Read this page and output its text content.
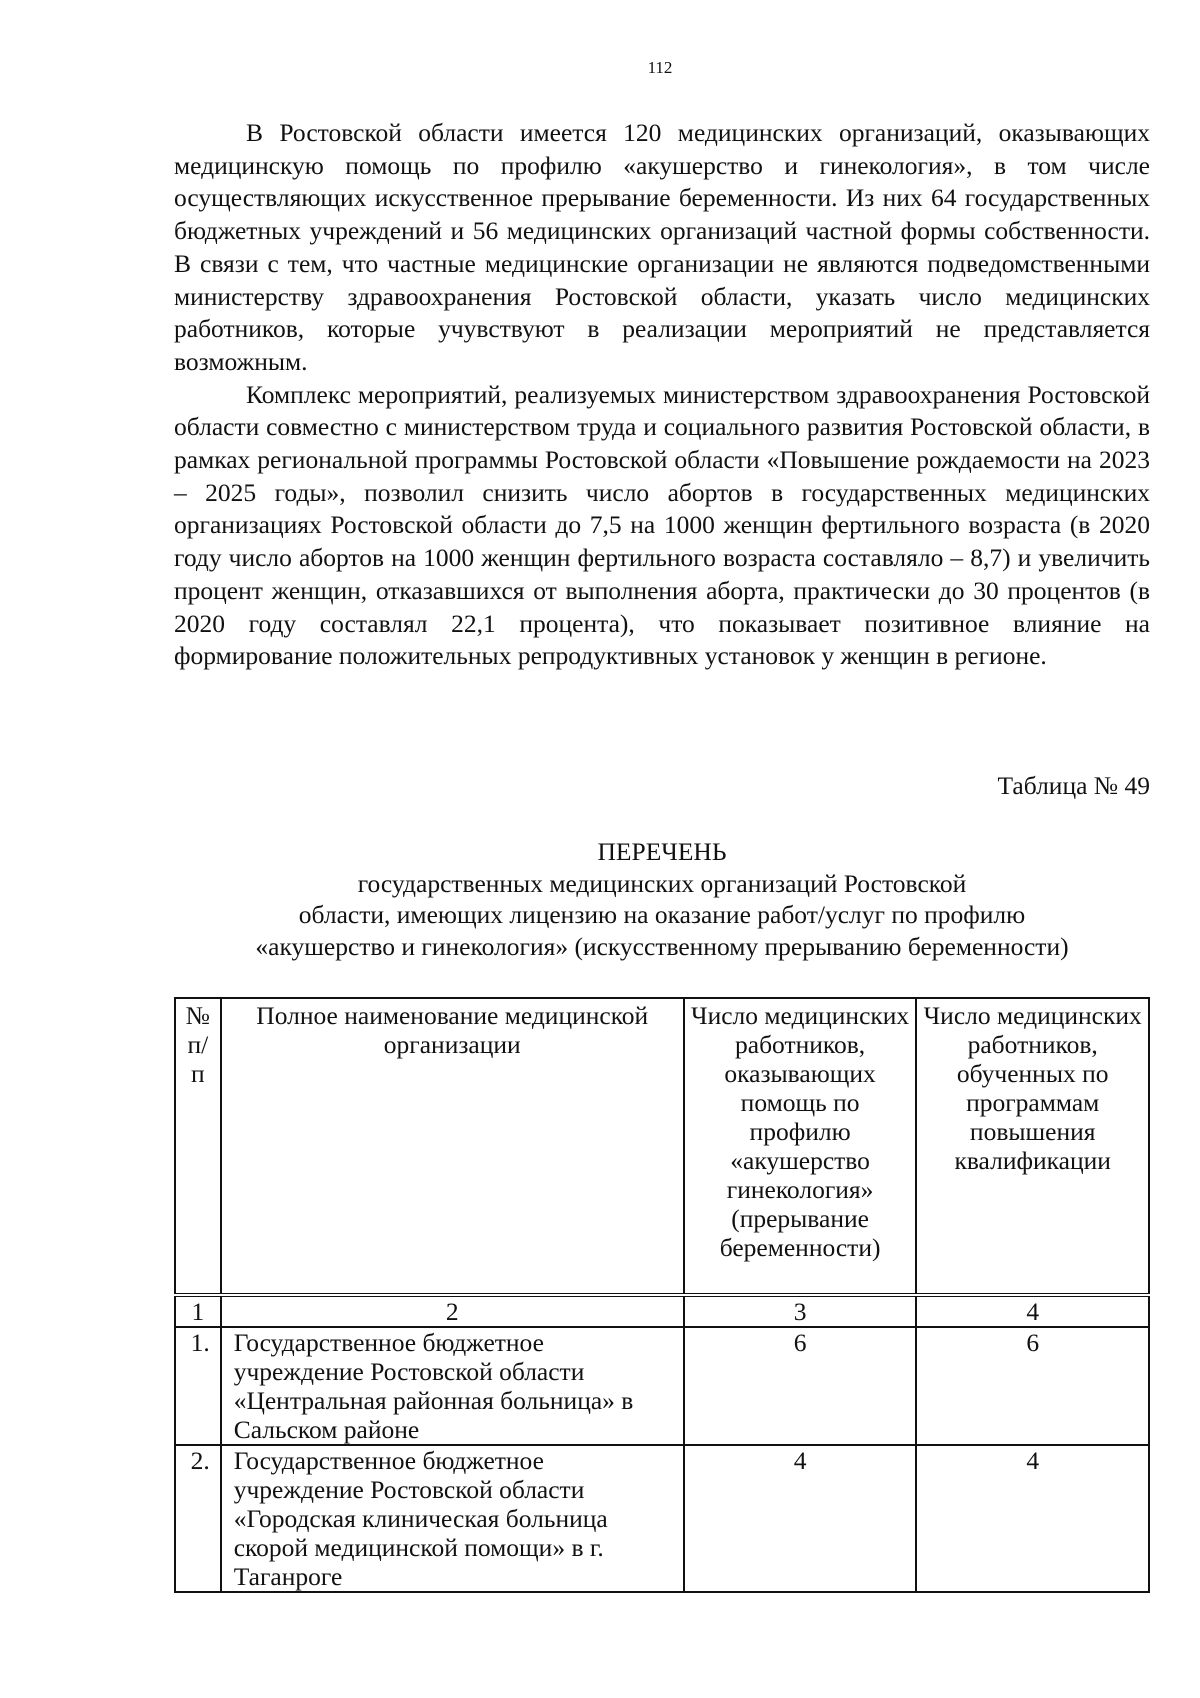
112

В Ростовской области имеется 120 медицинских организаций, оказывающих медицинскую помощь по профилю «акушерство и гинекология», в том числе осуществляющих искусственное прерывание беременности. Из них 64 государственных бюджетных учреждений и 56 медицинских организаций частной формы собственности. В связи с тем, что частные медицинские организации не являются подведомственными министерству здравоохранения Ростовской области, указать число медицинских работников, которые учувствуют в реализации мероприятий не представляется возможным.

Комплекс мероприятий, реализуемых министерством здравоохранения Ростовской области совместно с министерством труда и социального развития Ростовской области, в рамках региональной программы Ростовской области «Повышение рождаемости на 2023 – 2025 годы», позволил снизить число абортов в государственных медицинских организациях Ростовской области до 7,5 на 1000 женщин фертильного возраста (в 2020 году число абортов на 1000 женщин фертильного возраста составляло – 8,7) и увеличить процент женщин, отказавшихся от выполнения аборта, практически до 30 процентов (в 2020 году составлял 22,1 процента), что показывает позитивное влияние на формирование положительных репродуктивных установок у женщин в регионе.

Таблица № 49
ПЕРЕЧЕНЬ
государственных медицинских организаций Ростовской
области, имеющих лицензию на оказание работ/услуг по профилю
«акушерство и гинекология» (искусственному прерыванию беременности)
№ п/п	Полное наименование медицинской организации	Число медицинских работников, оказывающих помощь по профилю «акушерство гинекология» (прерывание беременности)	Число медицинских работников, обученных по программам повышения квалификации
1	2	3	4
1.	Государственное бюджетное учреждение Ростовской области «Центральная районная больница» в Сальском районе	6	6
2.	Государственное бюджетное учреждение Ростовской области «Городская клиническая больница скорой медицинской помощи» в г. Таганроге	4	4
